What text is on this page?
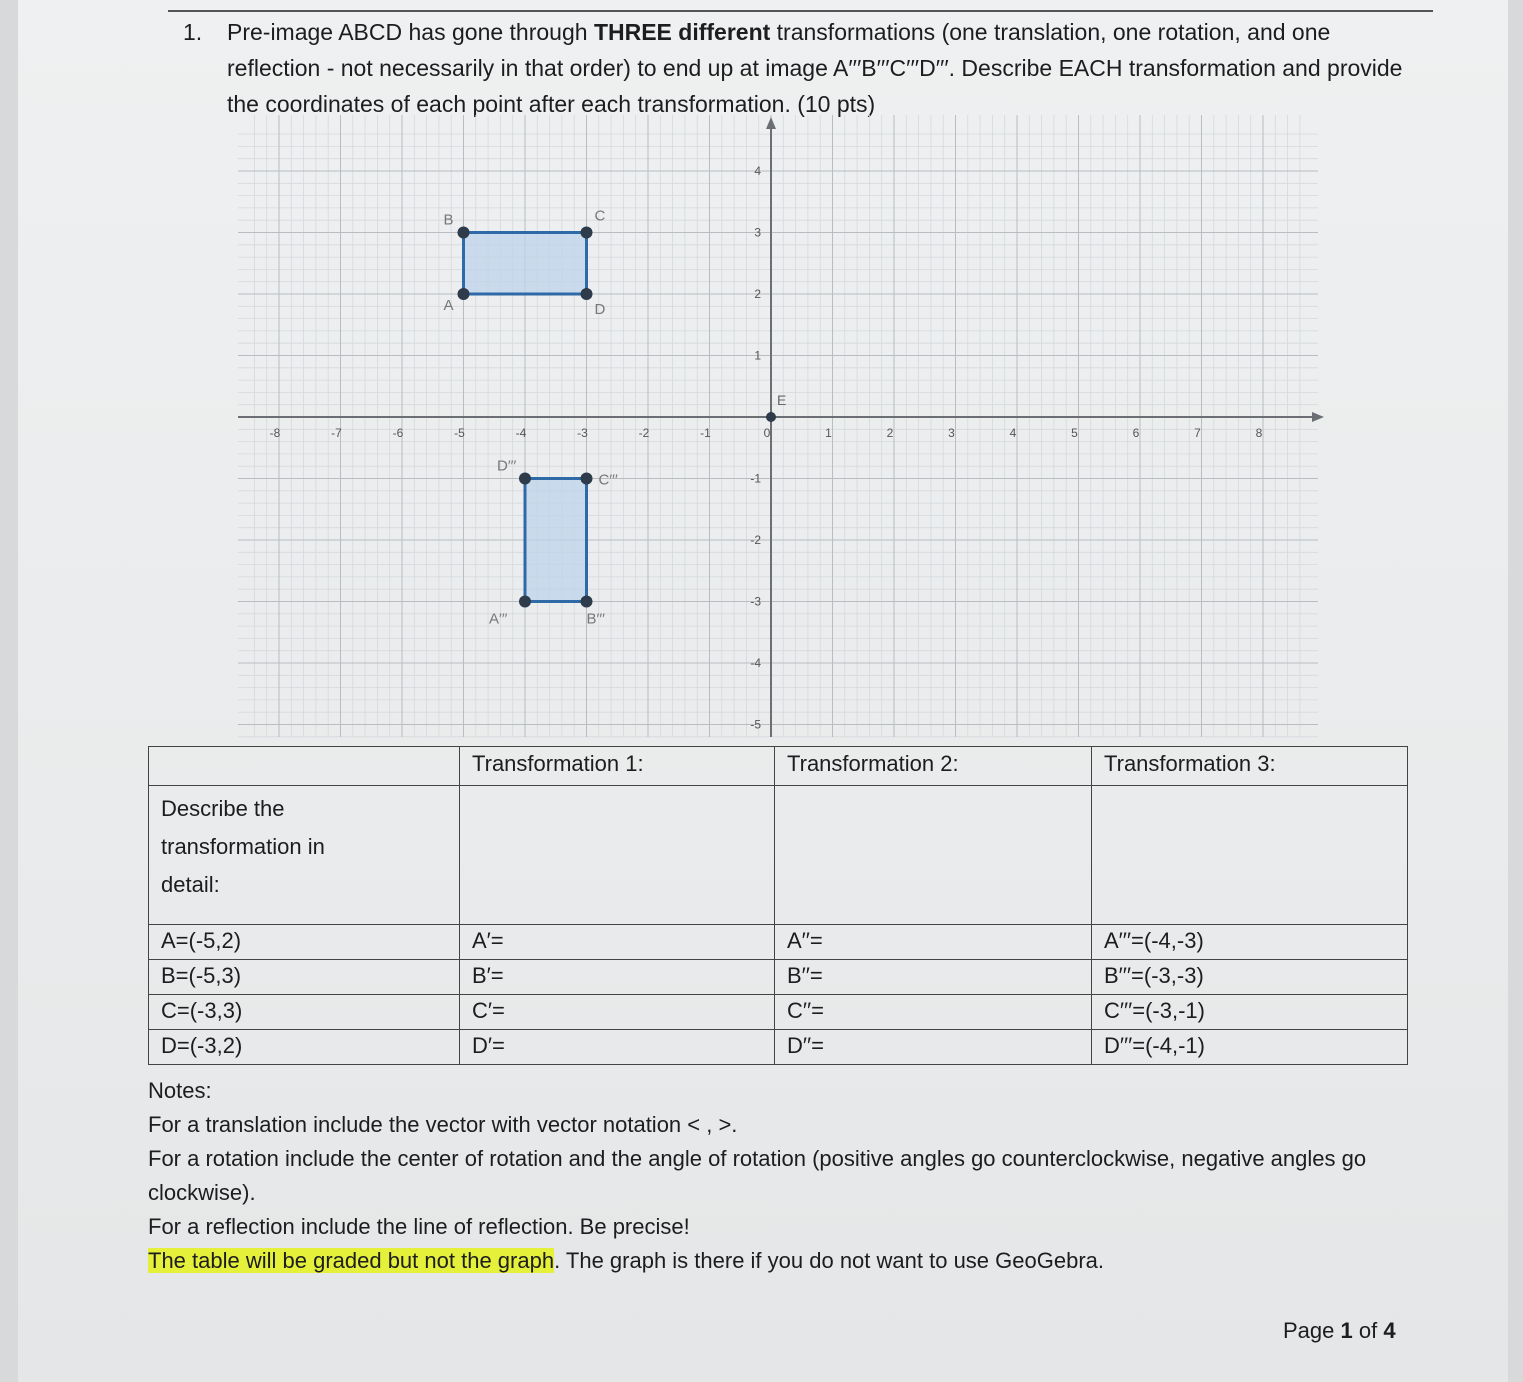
1. Pre-image ABCD has gone through THREE different transformations (one translation, one rotation, and one reflection - not necessarily in that order) to end up at image A′′′B′′′C′′′D′′′. Describe EACH transformation and provide the coordinates of each point after each transformation. (10 pts)
-8	-7	-6	-5	-4	-3	-2	-1	0	1	2	3	4	5	6	7	8
4
3
2
1
-1
-2
-3
-4
-5
E
A
B	C
D
A′′′	B′′′
C′′′
D′′′
	Transformation 1:	Transformation 2:	Transformation 3:

Describe the transformation in detail:			

A=(-5,2)	A′=	A′′=	A′′′=(-4,-3)
B=(-5,3)	B′=	B′′=	B′′′=(-3,-3)
C=(-3,3)	C′=	C′′=	C′′′=(-3,-1)
D=(-3,2)	D′=	D′′=	D′′′=(-4,-1)
Notes:
For a translation include the vector with vector notation < , >.
For a rotation include the center of rotation and the angle of rotation (positive angles go counterclockwise, negative angles go clockwise).
For a reflection include the line of reflection. Be precise!
The table will be graded but not the graph. The graph is there if you do not want to use GeoGebra.
Page 1 of 4
